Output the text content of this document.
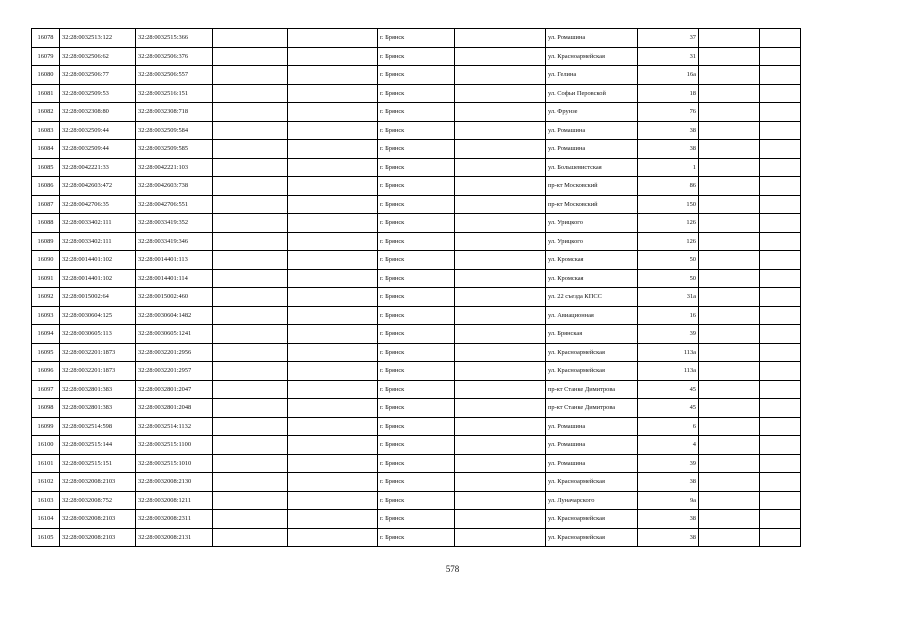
16078	32:28:0032513:122	32:28:0032515:366			г. Брянск		ул. Ромашина	37		
16079	32:28:0032506:62	32:28:0032506:376			г. Брянск		ул. Красноармейская	31		
16080	32:28:0032506:77	32:28:0032506:557			г. Брянск		ул. Гелина	16а		
16081	32:28:0032509:53	32:28:0032516:151			г. Брянск		ул. Софьи Перовской	18		
16082	32:28:0032308:80	32:28:0032308:718			г. Брянск		ул. Фрунзе	76		
16083	32:28:0032509:44	32:28:0032509:584			г. Брянск		ул. Ромашина	38		
16084	32:28:0032509:44	32:28:0032509:585			г. Брянск		ул. Ромашина	38		
16085	32:28:0042221:33	32:28:0042221:103			г. Брянск		ул. Большевистская	1		
16086	32:28:0042603:472	32:28:0042603:738			г. Брянск		пр-кт Московский	86		
16087	32:28:0042706:35	32:28:0042706:551			г. Брянск		пр-кт Московский	150		
16088	32:28:0033402:111	32:28:0033419:352			г. Брянск		ул. Урицкого	126		
16089	32:28:0033402:111	32:28:0033419:346			г. Брянск		ул. Урицкого	126		
16090	32:28:0014401:102	32:28:0014401:113			г. Брянск		ул. Кромская	50		
16091	32:28:0014401:102	32:28:0014401:114			г. Брянск		ул. Кромская	50		
16092	32:28:0015002:64	32:28:0015002:460			г. Брянск		ул. 22 съезда КПСС	31а		
16093	32:28:0030604:125	32:28:0030604:1482			г. Брянск		ул. Авиационная	16		
16094	32:28:0030605:113	32:28:0030605:1241			г. Брянск		ул. Брянская	39		
16095	32:28:0032201:1873	32:28:0032201:2956			г. Брянск		ул. Красноармейская	113а		
16096	32:28:0032201:1873	32:28:0032201:2957			г. Брянск		ул. Красноармейская	113а		
16097	32:28:0032801:383	32:28:0032801:2047			г. Брянск		пр-кт Станке Димитрова	45		
16098	32:28:0032801:383	32:28:0032801:2048			г. Брянск		пр-кт Станке Димитрова	45		
16099	32:28:0032514:598	32:28:0032514:1132			г. Брянск		ул. Ромашина	6		
16100	32:28:0032515:144	32:28:0032515:1100			г. Брянск		ул. Ромашина	4		
16101	32:28:0032515:151	32:28:0032515:1010			г. Брянск		ул. Ромашина	39		
16102	32:28:0032008:2103	32:28:0032008:2130			г. Брянск		ул. Красноармейская	38		
16103	32:28:0032008:752	32:28:0032008:1211			г. Брянск		ул. Луначарского	9а		
16104	32:28:0032008:2103	32:28:0032008:2311			г. Брянск		ул. Красноармейская	38		
16105	32:28:0032008:2103	32:28:0032008:2131			г. Брянск		ул. Красноармейская	38		
578
